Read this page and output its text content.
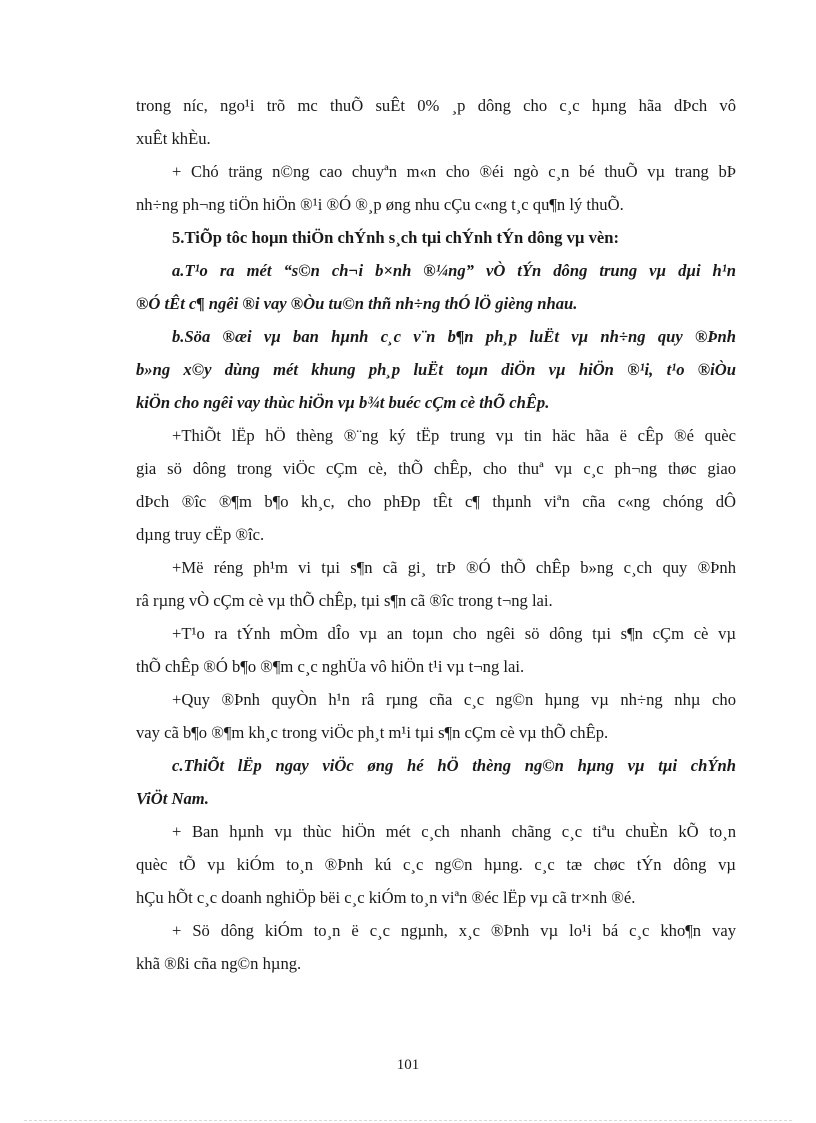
trong níc, ngo¹i trõ mc thuÕ suÊt 0% ¸p dông cho c¸c hµng hãa dÞch vô
xuÊt khÈu.
+ Chó träng n©ng cao chuyªn m«n cho ®éi ngò c¸n bé thuÕ vµ trang bÞ
nh÷ng ph¬ng tiÖn hiÖn ®¹i ®Ó ®¸p øng nhu cÇu c«ng t¸c qu¶n lý thuÕ.
5.TiÕp tôc hoµn thiÖn chÝnh s¸ch tµi chÝnh tÝn dông vµ vèn:
a.T¹o ra mét “s©n ch¬i b×nh ®¼ng” vÒ tÝn dông trung vµ dµi h¹n
®Ó tÊt c¶ ngêi ®i vay ®Òu tu©n thñ nh÷ng thÓ lÖ gièng nhau.
b.Söa ®æi vµ ban hµnh c¸c v¨n b¶n ph¸p luËt vµ nh÷ng quy ®Þnh
b»ng x©y dùng mét khung ph¸p luËt toµn diÖn vµ hiÖn ®¹i, t¹o ®iÒu
kiÖn cho ngêi vay thùc hiÖn vµ b¾t buéc cÇm cè thÕ chÊp.
+ThiÕt lËp hÖ thèng ®¨ng ký tËp trung vµ tin häc hãa ë cÊp ®é quèc
gia sö dông trong viÖc cÇm cè, thÕ chÊp, cho thuª vµ c¸c ph¬ng thøc giao
dÞch ®îc ®¶m b¶o kh¸c, cho phÐp tÊt c¶ thµnh viªn cña c«ng chóng dÔ
dµng truy cËp ®îc.
+Më réng ph¹m vi tµi s¶n cã gi¸ trÞ ®Ó thÕ chÊp b»ng c¸ch quy ®Þnh
râ rµng vÒ cÇm cè vµ thÕ chÊp, tµi s¶n cã ®îc trong t¬ng lai.
+T¹o ra tÝnh mÒm dÎo vµ an toµn cho ngêi sö dông tµi s¶n cÇm cè vµ
thÕ chÊp ®Ó b¶o ®¶m c¸c nghÜa vô hiÖn t¹i vµ t¬ng lai.
+Quy ®Þnh quyÒn h¹n râ rµng cña c¸c ng©n hµng vµ nh÷ng nhµ cho
vay cã b¶o ®¶m kh¸c trong viÖc ph¸t m¹i tµi s¶n cÇm cè vµ thÕ chÊp.
c.ThiÕt lËp ngay viÖc øng hé hÖ thèng ng©n hµng vµ tµi chÝnh
ViÖt Nam.
+ Ban hµnh vµ thùc hiÖn mét c¸ch nhanh chãng c¸c tiªu chuÈn kÕ to¸n
quèc tÕ vµ kiÓm to¸n ®Þnh kú c¸c ng©n hµng. c¸c tæ chøc tÝn dông vµ
hÇu hÕt c¸c doanh nghiÖp bëi c¸c kiÓm to¸n viªn ®éc lËp vµ cã tr×nh ®é.
+ Sö dông kiÓm to¸n ë c¸c ngµnh, x¸c ®Þnh vµ lo¹i bá c¸c kho¶n vay
khã ®ßi cña ng©n hµng.
101
